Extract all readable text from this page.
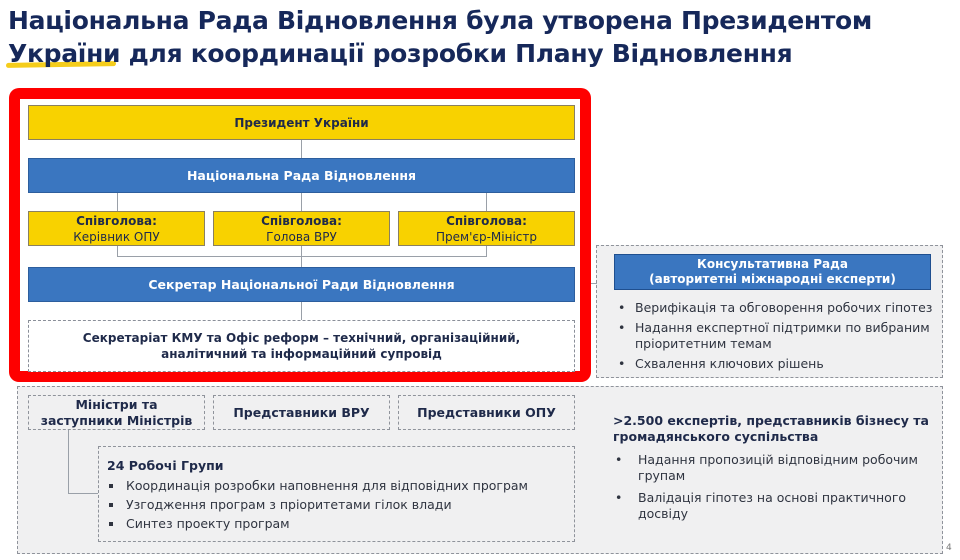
Національна Рада Відновлення була утворена Президентом України для координації розробки Плану Відновлення
Консультативна Рада
(авторитетні міжнародні експерти)
• Верифікація та обговорення робочих гіпотез
• Надання експертної підтримки по вибраним пріоритетним темам
• Схвалення ключових рішень
Президент України
Національна Рада Відновлення
Співголова:
Керівник ОПУ
Співголова:
Голова ВРУ
Співголова:
Прем'єр-Міністр
Секретар Національної Ради Відновлення
Секретаріат КМУ та Офіс реформ – технічний, організаційний, аналітичний та інформаційний супровід
Міністри та
заступники Міністрів
Представники ВРУ	Представники ОПУ
24 Робочі Групи
Координація розробки наповнення для відповідних програм
Узгодження програм з пріоритетами гілок влади
Синтез проекту програм
>2.500 експертів, представників бізнесу та громадянського суспільства
• Надання пропозицій відповідним робочим групам
• Валідація гіпотез на основі практичного досвіду
4
